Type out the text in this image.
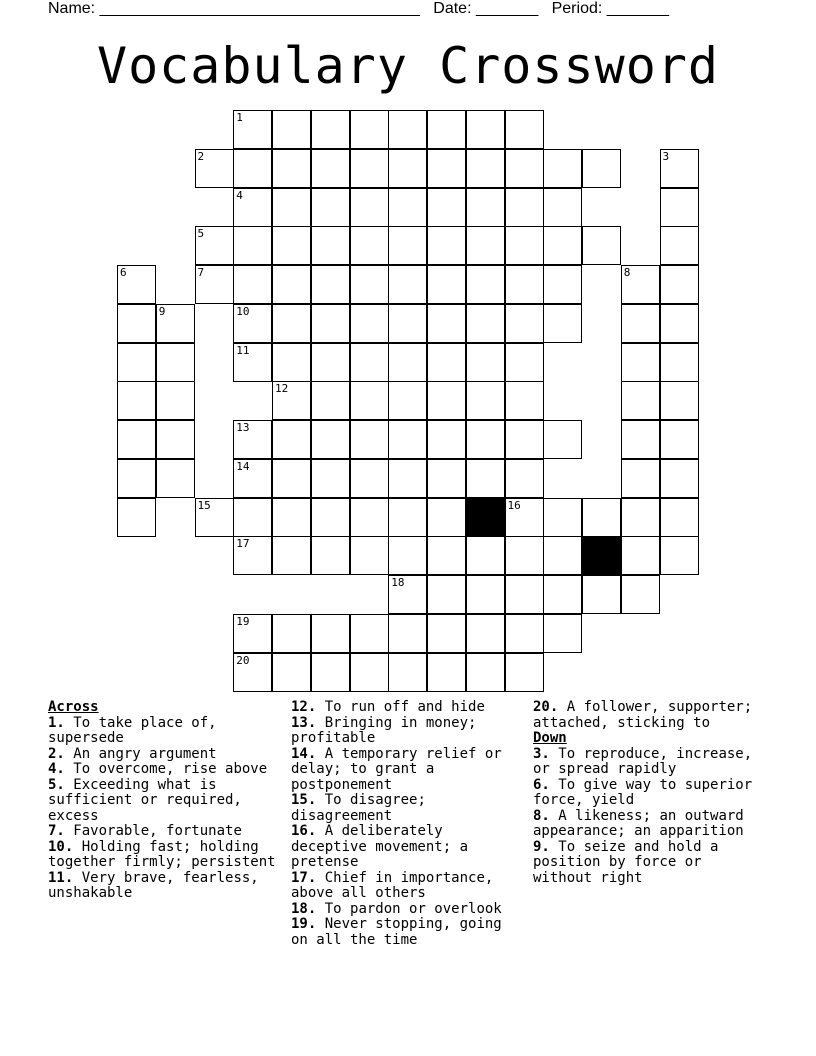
Name: ____________________________________ Date: _______ Period: _______
Vocabulary Crossword
1
2	3
4
5
6	7	8
9	10
11
12
13
14
15	16
17
18
19
20
Across
1. To take place of, supersede
2. An angry argument
4. To overcome, rise above
5. Exceeding what is sufficient or required, excess
7. Favorable, fortunate
10. Holding fast; holding together firmly; persistent
11. Very brave, fearless, unshakable
12. To run off and hide
13. Bringing in money; profitable
14. A temporary relief or delay; to grant a postponement
15. To disagree; disagreement
16. A deliberately deceptive movement; a pretense
17. Chief in importance, above all others
18. To pardon or overlook
19. Never stopping, going on all the time
20. A follower, supporter; attached, sticking to
Down
3. To reproduce, increase, or spread rapidly
6. To give way to superior force, yield
8. A likeness; an outward appearance; an apparition
9. To seize and hold a position by force or without right
